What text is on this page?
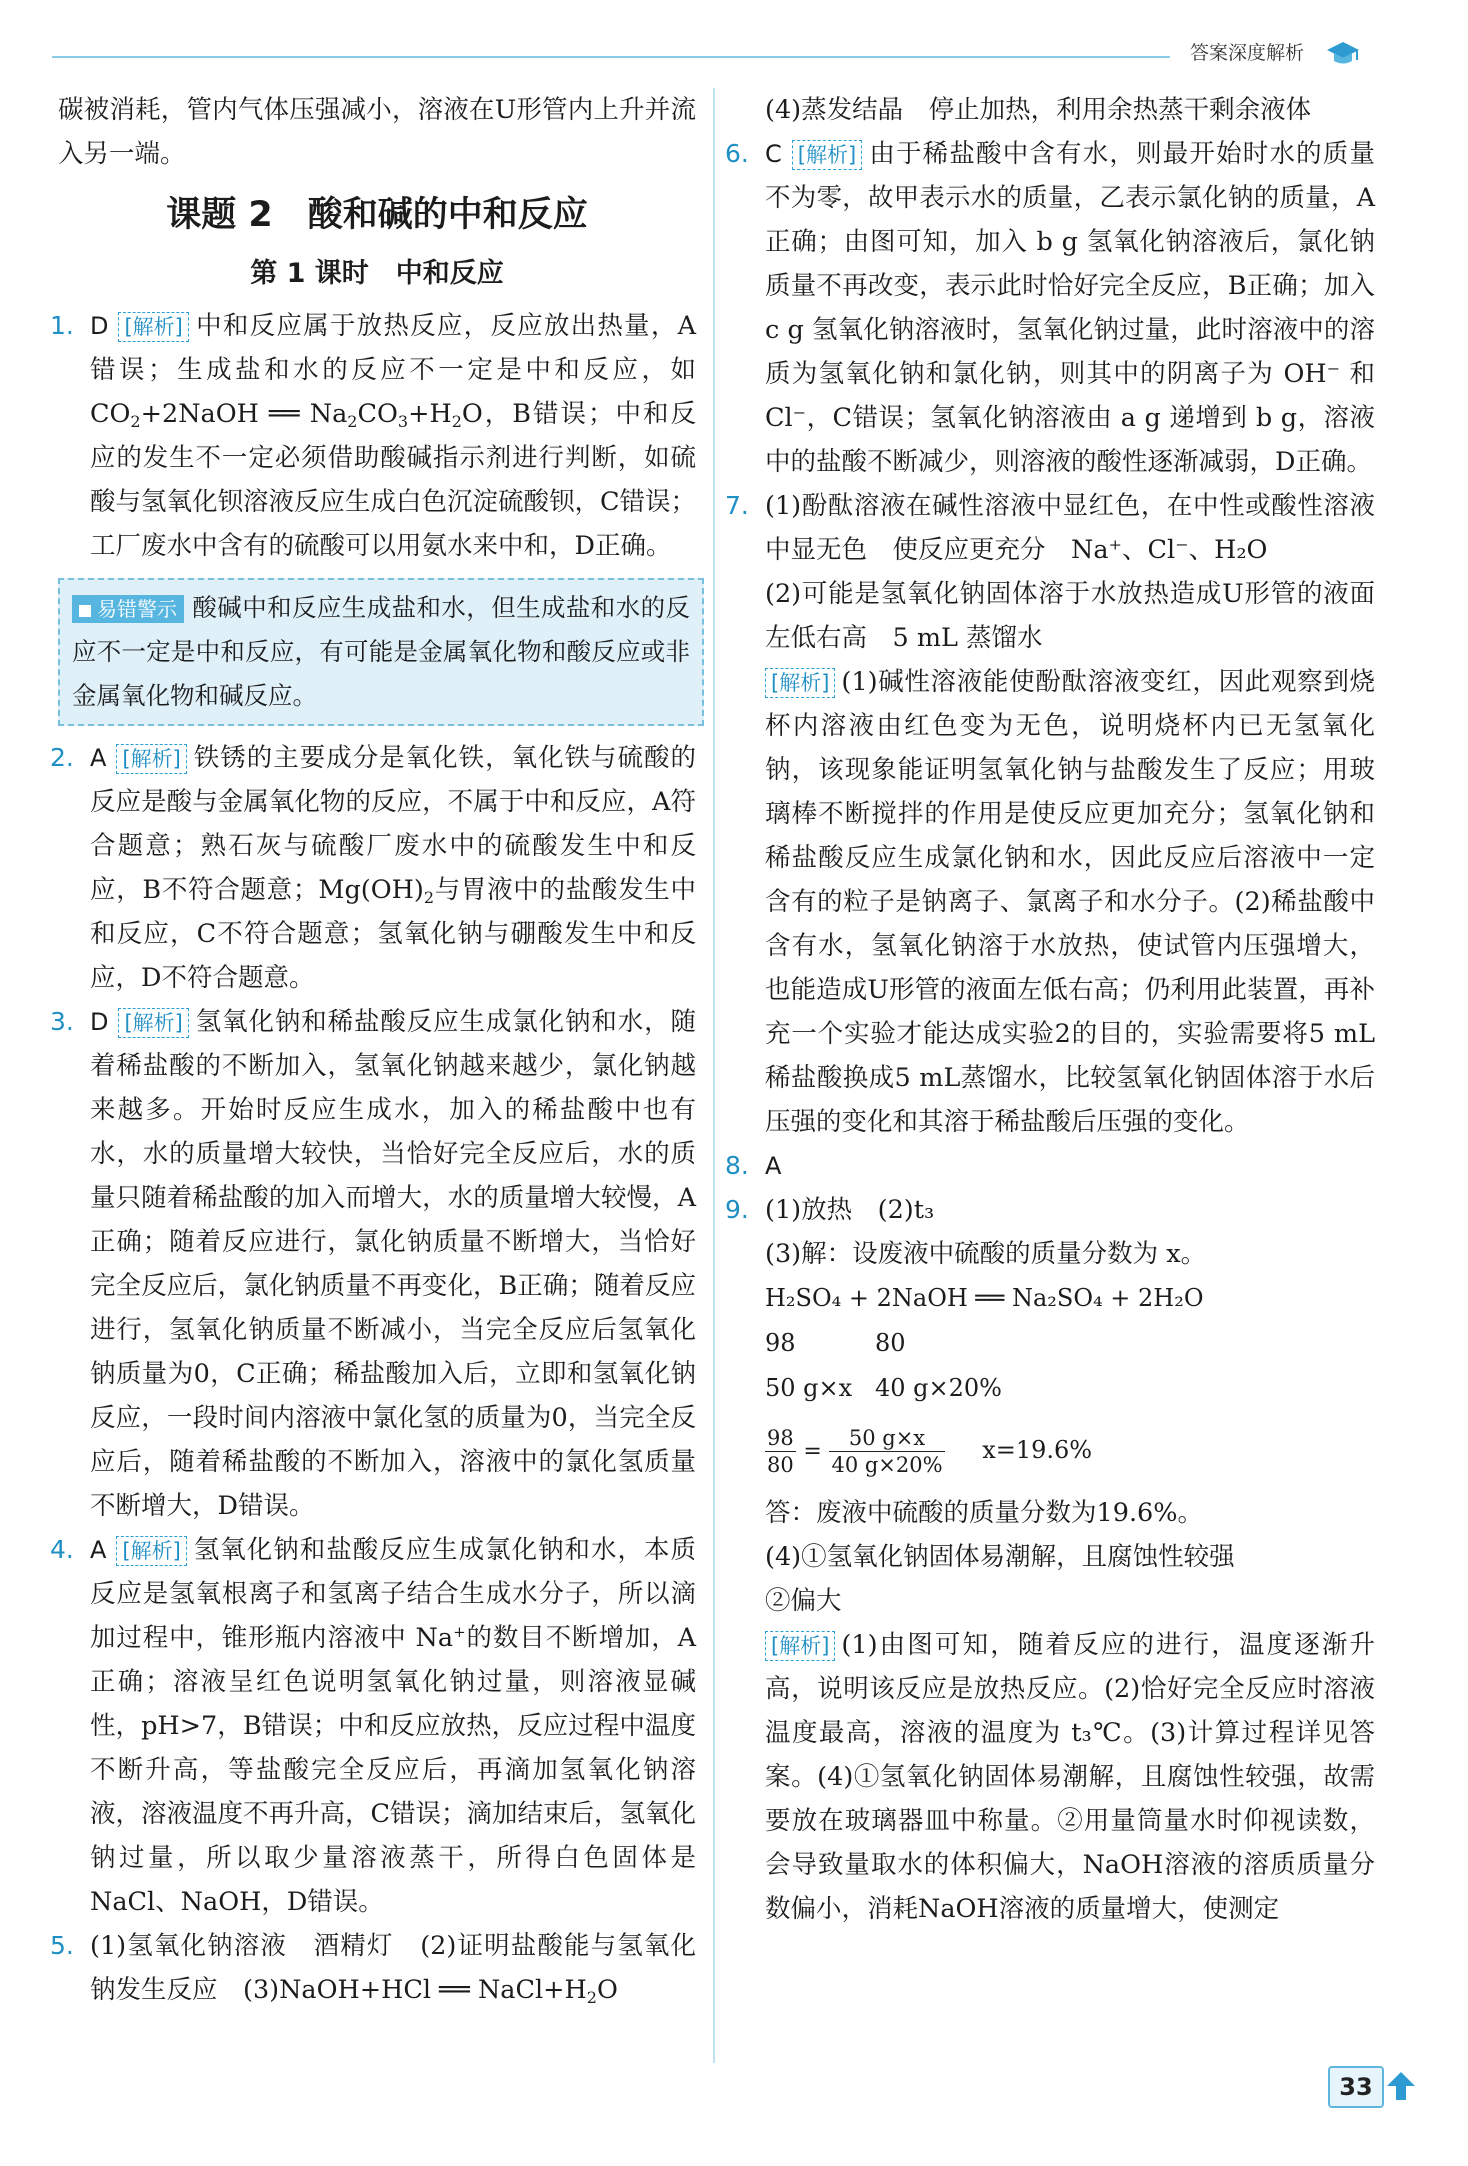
答案深度解析

碳被消耗，管内气体压强减小，溶液在U形管内上升并流入另一端。

课题 2　酸和碱的中和反应
第 1 课时　中和反应
1. D [解析] 中和反应属于放热反应，反应放出热量，A错误；生成盐和水的反应不一定是中和反应，如$CO_2+2NaOH$ ══ $Na_2CO_3+H_2O$，B错误；中和反应的发生不一定必须借助酸碱指示剂进行判断，如硫酸与氢氧化钡溶液反应生成白色沉淀硫酸钡，C错误；工厂废水中含有的硫酸可以用氨水来中和，D正确。
易错警示 酸碱中和反应生成盐和水，但生成盐和水的反应不一定是中和反应，有可能是金属氧化物和酸反应或非金属氧化物和碱反应。
2. A [解析] 铁锈的主要成分是氧化铁，氧化铁与硫酸的反应是酸与金属氧化物的反应，不属于中和反应，A符合题意；熟石灰与硫酸厂废水中的硫酸发生中和反应，B不符合题意；$Mg(OH)_2$与胃液中的盐酸发生中和反应，C不符合题意；氢氧化钠与硼酸发生中和反应，D不符合题意。
3. D [解析] 氢氧化钠和稀盐酸反应生成氯化钠和水，随着稀盐酸的不断加入，氢氧化钠越来越少，氯化钠越来越多。开始时反应生成水，加入的稀盐酸中也有水，水的质量增大较快，当恰好完全反应后，水的质量只随着稀盐酸的加入而增大，水的质量增大较慢，A正确；随着反应进行，氯化钠质量不断增大，当恰好完全反应后，氯化钠质量不再变化，B正确；随着反应进行，氢氧化钠质量不断减小，当完全反应后氢氧化钠质量为0，C正确；稀盐酸加入后，立即和氢氧化钠反应，一段时间内溶液中氯化氢的质量为0，当完全反应后，随着稀盐酸的不断加入，溶液中的氯化氢质量不断增大，D错误。
4. A [解析] 氢氧化钠和盐酸反应生成氯化钠和水，本质反应是氢氧根离子和氢离子结合生成水分子，所以滴加过程中，锥形瓶内溶液中 Na+的数目不断增加，A正确；溶液呈红色说明氢氧化钠过量，则溶液显碱性，pH>7，B错误；中和反应放热，反应过程中温度不断升高，等盐酸完全反应后，再滴加氢氧化钠溶液，溶液温度不再升高，C错误；滴加结束后，氢氧化钠过量，所以取少量溶液蒸干，所得白色固体是NaCl、NaOH，D错误。
5. (1)氢氧化钠溶液　酒精灯　(2)证明盐酸能与氢氧化钠发生反应　(3)NaOH+HCl ══ $NaCl+H_2O$

(4)蒸发结晶　停止加热，利用余热蒸干剩余液体

6. C [解析] 由于稀盐酸中含有水，则最开始时水的质量不为零，故甲表示水的质量，乙表示氯化钠的质量，A正确；由图可知，加入 b g 氢氧化钠溶液后，氯化钠质量不再改变，表示此时恰好完全反应，B正确；加入 c g 氢氧化钠溶液时，氢氧化钠过量，此时溶液中的溶质为氢氧化钠和氯化钠，则其中的阴离子为 OH⁻ 和 Cl⁻，C错误；氢氧化钠溶液由 a g 递增到 b g，溶液中的盐酸不断减少，则溶液的酸性逐渐减弱，D正确。
7. (1)酚酞溶液在碱性溶液中显红色，在中性或酸性溶液中显无色　使反应更充分　Na⁺、Cl⁻、H₂O
(2)可能是氢氧化钠固体溶于水放热造成U形管的液面左低右高　5 mL 蒸馏水
[解析] (1)碱性溶液能使酚酞溶液变红，因此观察到烧杯内溶液由红色变为无色，说明烧杯内已无氢氧化钠，该现象能证明氢氧化钠与盐酸发生了反应；用玻璃棒不断搅拌的作用是使反应更加充分；氢氧化钠和稀盐酸反应生成氯化钠和水，因此反应后溶液中一定含有的粒子是钠离子、氯离子和水分子。(2)稀盐酸中含有水，氢氧化钠溶于水放热，使试管内压强增大，也能造成U形管的液面左低右高；仍利用此装置，再补充一个实验才能达成实验2的目的，实验需要将5 mL稀盐酸换成5 mL蒸馏水，比较氢氧化钠固体溶于水后压强的变化和其溶于稀盐酸后压强的变化。
8. A
9. (1)放热　(2)t₃

(3)解：设废液中硫酸的质量分数为 x。

H₂SO₄ + 2NaOH ══ Na₂SO₄ + 2H₂O
98	80
50 g×x 40 g×20%
$\frac{98}{80} = \frac{50 g\times x}{40 g\times 20\%} x=19.6\%$

答：废液中硫酸的质量分数为19.6%。

(4)①氢氧化钠固体易潮解，且腐蚀性较强

②偏大

[解析] (1)由图可知，随着反应的进行，温度逐渐升高，说明该反应是放热反应。(2)恰好完全反应时溶液温度最高，溶液的温度为 t₃℃。(3)计算过程详见答案。(4)①氢氧化钠固体易潮解，且腐蚀性较强，故需要放在玻璃器皿中称量。②用量筒量水时仰视读数，会导致量取水的体积偏大，NaOH溶液的溶质质量分数偏小，消耗NaOH溶液的质量增大，使测定
33
